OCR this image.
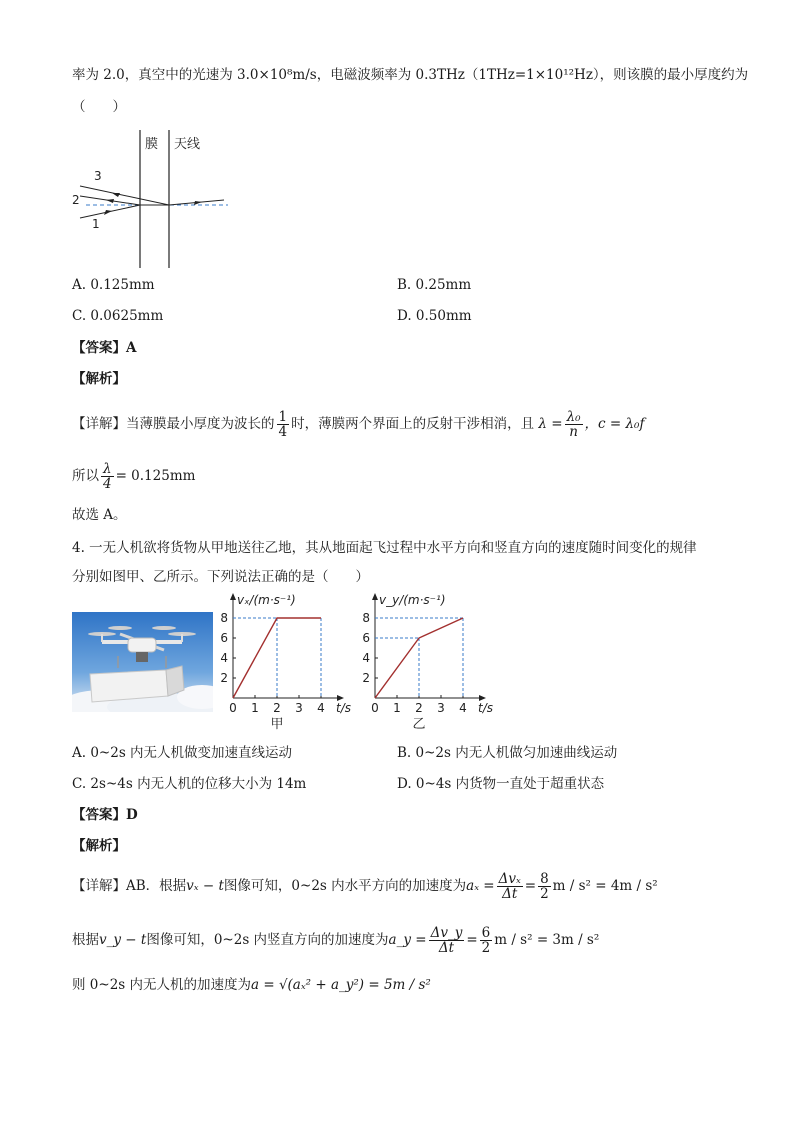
率为 2.0，真空中的光速为 3.0×10⁸m/s，电磁波频率为 0.3THz（1THz=1×10¹²Hz），则该膜的最小厚度约为
（　　）
膜 天线
3
2
1
A. 0.125mm	B. 0.25mm
C. 0.0625mm	D. 0.50mm
【答案】A
【解析】
【详解】当薄膜最小厚度为波长的 $\frac{1}{4}$ 时，薄膜两个界面上的反射干涉相消，且 $\lambda = \frac{\text{λ₀}}{n}$ ，c = λ₀f
所以 $\frac{\lambda}{4} = 0.125mm$
故选 A。
4. 一无人机欲将货物从甲地送往乙地，其从地面起飞过程中水平方向和竖直方向的速度随时间变化的规律
分别如图甲、乙所示。下列说法正确的是（　　）
0 1 2 3 4
2
4
6
8
vₓ/(m·s⁻¹)
t/s
甲
0 1 2 3 4
2
4
6
8
v_y/(m·s⁻¹)
t/s
乙
A. 0~2s 内无人机做变加速直线运动	B. 0~2s 内无人机做匀加速曲线运动
C. 2s~4s 内无人机的位移大小为 14m	D. 0~4s 内货物一直处于超重状态
【答案】D
【解析】
【详解】AB．根据vₓ − t图像可知，0~2s 内水平方向的加速度为$a_x = \frac{\text{Δvₓ}}{\Delta t} = \frac{8}{2}$ m / s² = 4m / s²
根据v_y − t图像可知，0~2s 内竖直方向的加速度为a_y = $\frac{\Delta v\_y}{\Delta t} = \frac{6}{2}$ m / s² = 3m / s²
则 0~2s 内无人机的加速度为a = √(aₓ² + a_y²) = 5m / s²
